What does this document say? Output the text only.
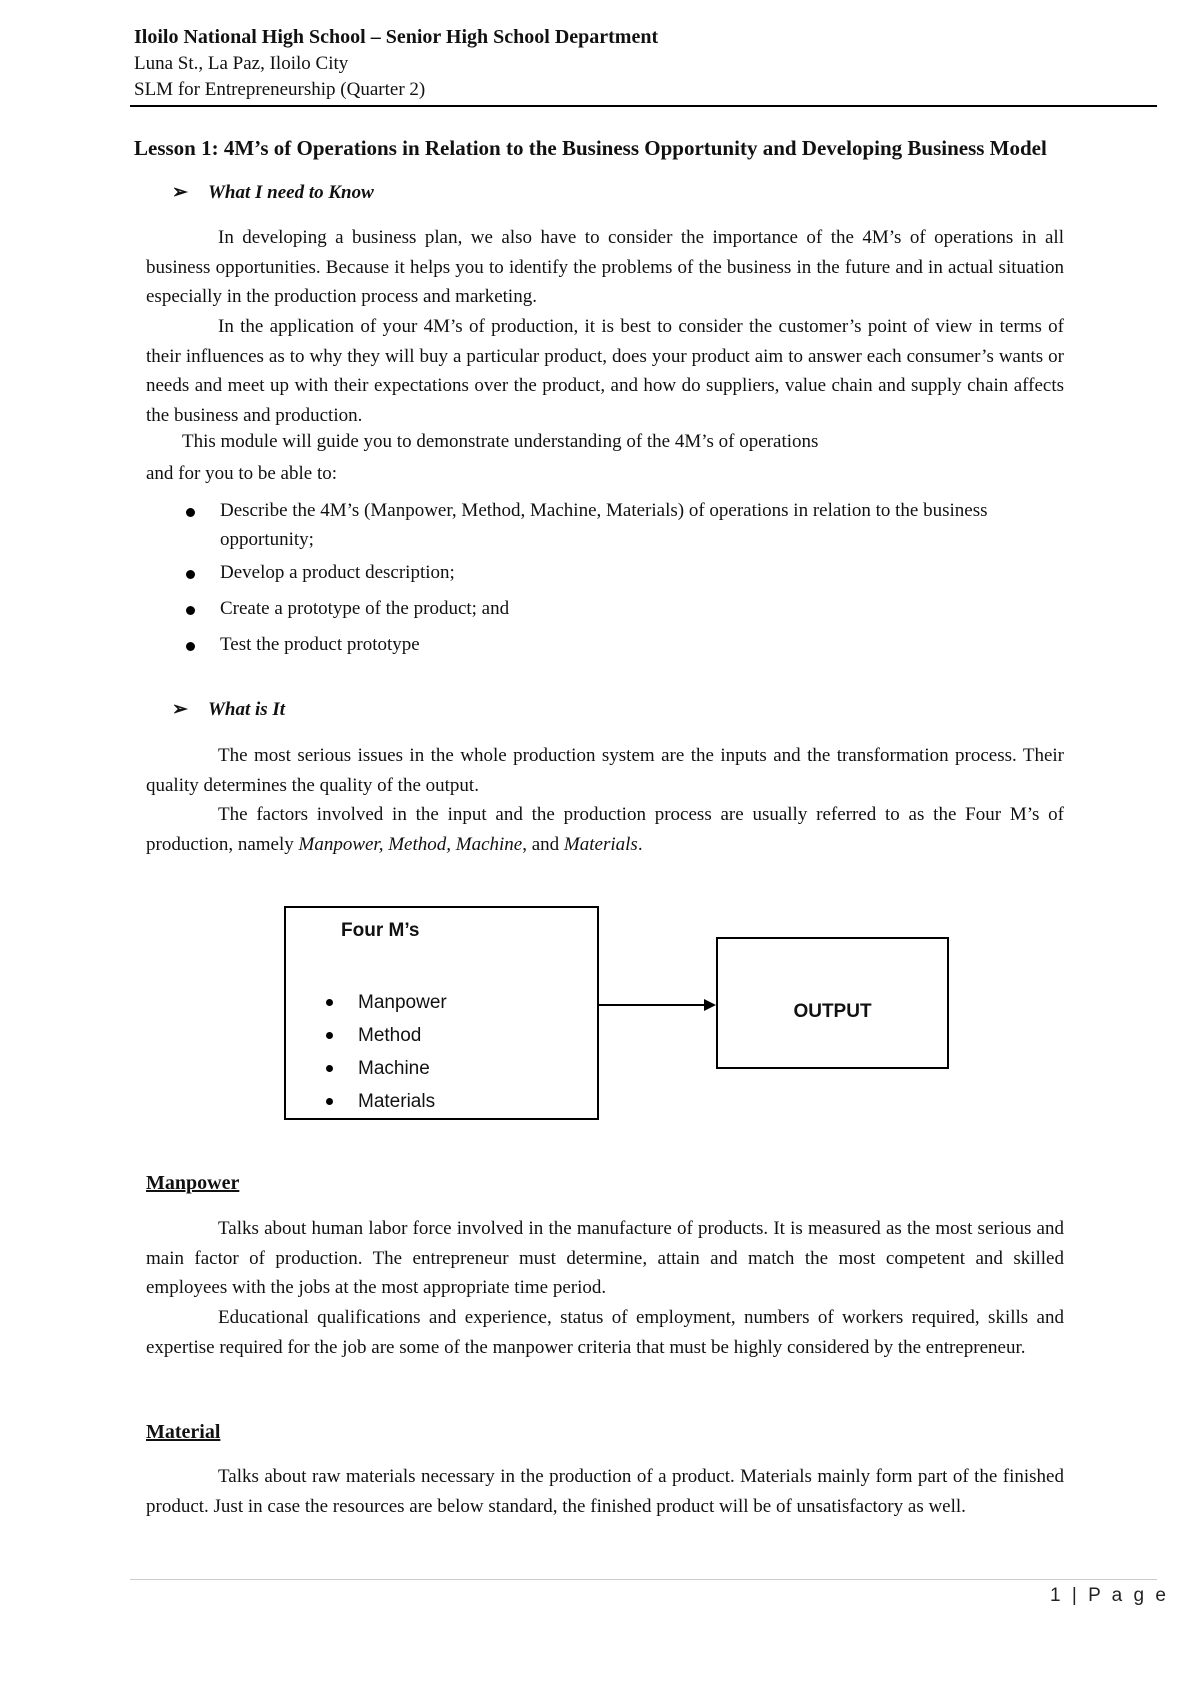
Iloilo National High School – Senior High School Department
Luna St., La Paz, Iloilo City
SLM for Entrepreneurship (Quarter 2)
Lesson 1: 4M’s of Operations in Relation to the Business Opportunity and Developing Business Model
➢ What I need to Know
In developing a business plan, we also have to consider the importance of the 4M’s of operations in all business opportunities. Because it helps you to identify the problems of the business in the future and in actual situation especially in the production process and marketing.
In the application of your 4M’s of production, it is best to consider the customer’s point of view in terms of their influences as to why they will buy a particular product, does your product aim to answer each consumer’s wants or needs and meet up with their expectations over the product, and how do suppliers, value chain and supply chain affects the business and production.
This module will guide you to demonstrate understanding of the 4M’s of operations
and for you to be able to:
Describe the 4M’s (Manpower, Method, Machine, Materials) of operations in relation to the business opportunity;
Develop a product description;
Create a prototype of the product; and
Test the product prototype
➢ What is It
The most serious issues in the whole production system are the inputs and the transformation process. Their quality determines the quality of the output.
The factors involved in the input and the production process are usually referred to as the Four M’s of production, namely Manpower, Method, Machine, and Materials.
Four M’s
Manpower
Method
Machine
Materials
OUTPUT
Manpower
Talks about human labor force involved in the manufacture of products. It is measured as the most serious and main factor of production. The entrepreneur must determine, attain and match the most competent and skilled employees with the jobs at the most appropriate time period.
Educational qualifications and experience, status of employment, numbers of workers required, skills and expertise required for the job are some of the manpower criteria that must be highly considered by the entrepreneur.
Material
Talks about raw materials necessary in the production of a product. Materials mainly form part of the finished product. Just in case the resources are below standard, the finished product will be of unsatisfactory as well.
1 | P a g e
